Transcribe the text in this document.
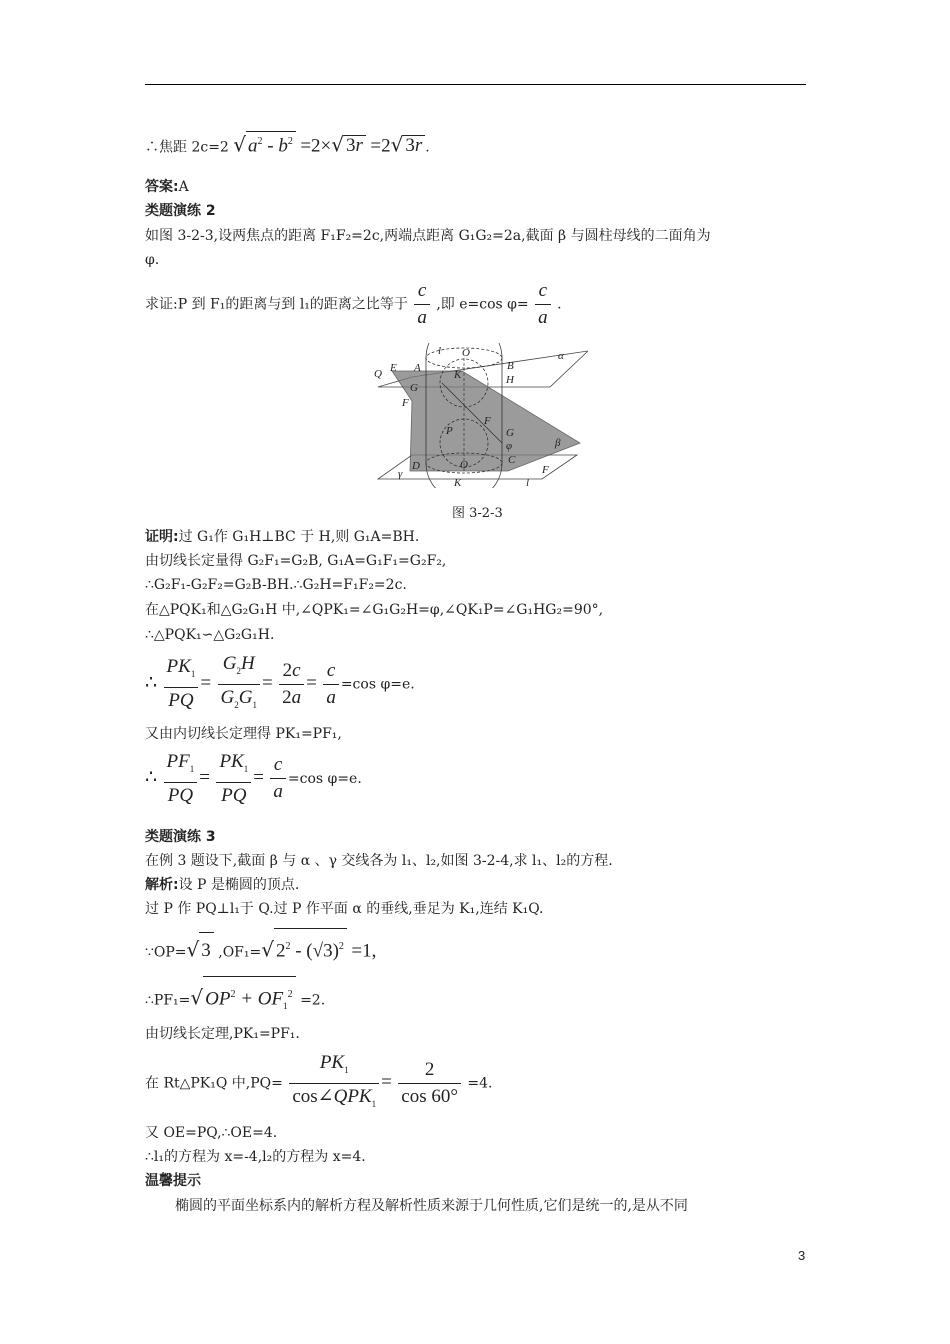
∴焦距 2c=2 √ $a^2 - b^2 =2\times√$ 3r =2√ 3r .
答案:A
类题演练 2
如图 3-2-3,设两焦点的距离 F₁F₂=2c,两端点距离 G₁G₂=2a,截面 β 与圆柱母线的二面角为
φ.
求证:P 到 F₁的距离与到 l₁的距离之比等于 $\frac{c}{a}$ ,即 e=cos $\varphi= \frac{c}{a}$ .
l O
B
α
Q E A
K	H
G
F
P
F
G
β
φ
D	O	C
γ
K
F
l
图 3-2-3
证明:过 G₁作 G₁H⊥BC 于 H,则 G₁A=BH.
由切线长定量得 G₂F₁=G₂B, G₁A=G₁F₁=G₂F₂,
∴G₂F₁-G₂F₂=G₂B-BH.∴G₂H=F₁F₂=2c.
在△PQK₁和△G₂G₁H 中,∠QPK₁=∠G₁G₂H=φ,∠QK₁P=∠G₁HG₂=90°,
∴△PQK₁∽△G₂G₁H.
∴ $\frac{PK_1}{PQ} = \frac{G_2H}{G_2G_1} = \frac{2c}{2a} = \frac{c}{a} =\cos$ φ=e.
又由内切线长定理得 PK₁=PF₁,
∴ $\frac{PF_1}{PQ} = \frac{PK_1}{PQ} = \frac{c}{a} =\cos$ φ=e.
类题演练 3
在例 3 题设下,截面 β 与 α 、γ 交线各为 l₁、l₂,如图 3-2-4,求 l₁、l₂的方程.
解析:设 P 是椭圆的顶点.
过 P 作 PQ⊥l₁于 Q.过 P 作平面 α 的垂线,垂足为 K₁,连结 K₁Q.
∵OP=√ 3 ,OF₁=√ $2^2 - (√3)^2 =1$,
∴PF₁=√ $OP^2 + OF_1^2 =2$.
由切线长定理,PK₁=PF₁.
在 Rt△PK₁Q 中$,PQ= \frac{PK_1}{\cos\angle QPK_1} = \frac{2}{\cos 60^\circ} =4$.
又 OE=PQ,∴OE=4.
∴l₁的方程为 x=-4,l₂的方程为 x=4.
温馨提示
椭圆的平面坐标系内的解析方程及解析性质来源于几何性质,它们是统一的,是从不同
3
